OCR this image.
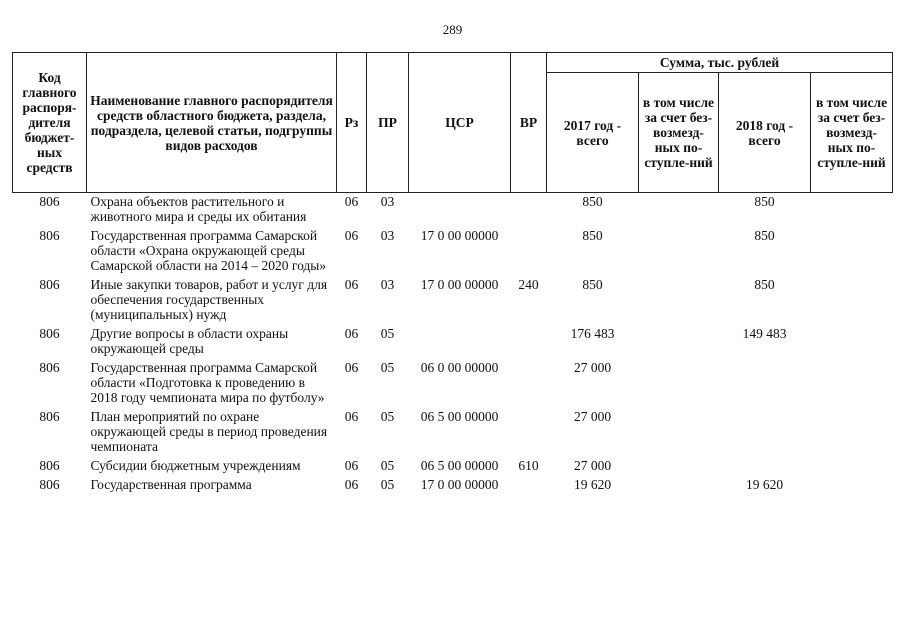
289
Код главного распоря-дителя бюджет-ных средств	Наименование главного распорядителя средств областного бюджета, раздела, подраздела, целевой статьи, подгруппы видов расходов	Рз	ПР	ЦСР	ВР	Сумма, тыс. рублей			
						2017 год - всего	в том числе за счет без-возмезд-ных по-ступле-ний	2018 год - всего	в том числе за счет без-возмезд-ных по-ступле-ний
806	Охрана объектов растительного и животного мира и среды их обитания	06	03			850		850	
806	Государственная программа Самарской области «Охрана окружающей среды Самарской области на 2014 – 2020 годы»	06	03	17 0 00 00000		850		850	
806	Иные закупки товаров, работ и услуг для обеспечения государственных (муниципальных) нужд	06	03	17 0 00 00000	240	850		850	
806	Другие вопросы в области охраны окружающей среды	06	05			176 483		149 483	
806	Государственная программа Самарской области «Подготовка к проведению в 2018 году чемпионата мира по футболу»	06	05	06 0 00 00000		27 000			
806	План мероприятий по охране окружающей среды в период проведения чемпионата	06	05	06 5 00 00000		27 000			
806	Субсидии бюджетным учреждениям	06	05	06 5 00 00000	610	27 000			
806	Государственная программа	06	05	17 0 00 00000		19 620		19 620	
